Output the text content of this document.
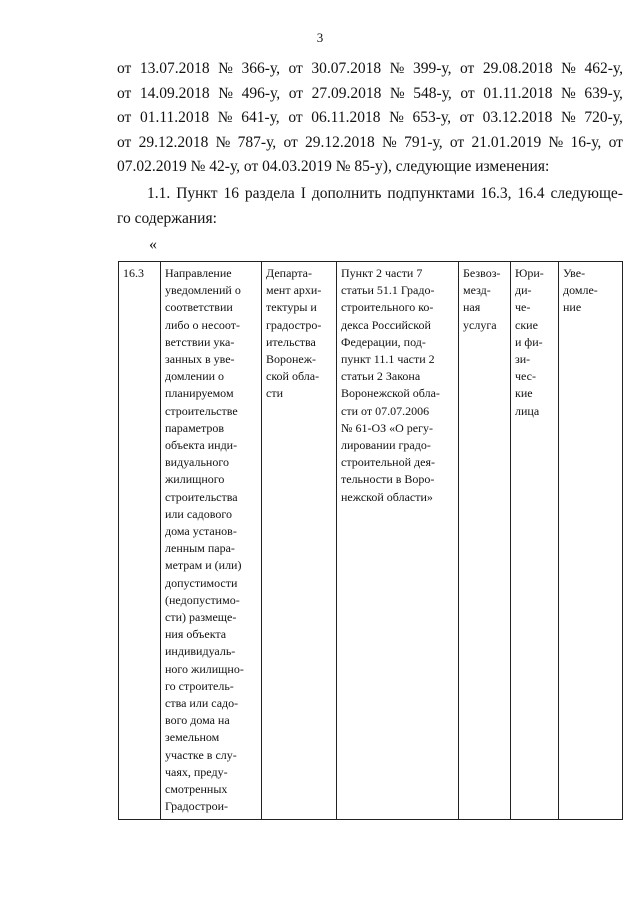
3
от 13.07.2018 № 366-у, от 30.07.2018 № 399-у, от 29.08.2018 № 462-у,
от 14.09.2018 № 496-у, от 27.09.2018 № 548-у, от 01.11.2018 № 639-у,
от 01.11.2018 № 641-у, от 06.11.2018 № 653-у, от 03.12.2018 № 720-у,
от 29.12.2018 № 787-у, от 29.12.2018 № 791-у, от 21.01.2019 № 16-у, от
07.02.2019 № 42-у, от 04.03.2019 № 85-у), следующие изменения:
1.1. Пункт 16 раздела I дополнить подпунктами 16.3, 16.4 следующе-
го содержания:
«
16.3	Направление
уведомлений о
соответствии
либо о несоот-
ветствии ука-
занных в уве-
домлении о
планируемом
строительстве
параметров
объекта инди-
видуального
жилищного
строительства
или садового
дома установ-
ленным пара-
метрам и (или)
допустимости
(недопустимо-
сти) размеще-
ния объекта
индивидуаль-
ного жилищно-
го строитель-
ства или садо-
вого дома на
земельном
участке в слу-
чаях, преду-
смотренных
Градострои-

Департа-
мент архи-
тектуры и
градостро-
ительства
Воронеж-
ской обла-
сти

Пункт 2 части 7
статьи 51.1 Градо-
строительного ко-
декса Российской
Федерации, под-
пункт 11.1 части 2
статьи 2 Закона
Воронежской обла-
сти от 07.07.2006
№ 61-ОЗ «О регу-
лировании градо-
строительной дея-
тельности в Воро-
нежской области»

Безвоз-
мезд-
ная
услуга

Юри-
ди-
че-
ские
и фи-
зи-
чес-
кие
лица

Уве-
домле-
ние
